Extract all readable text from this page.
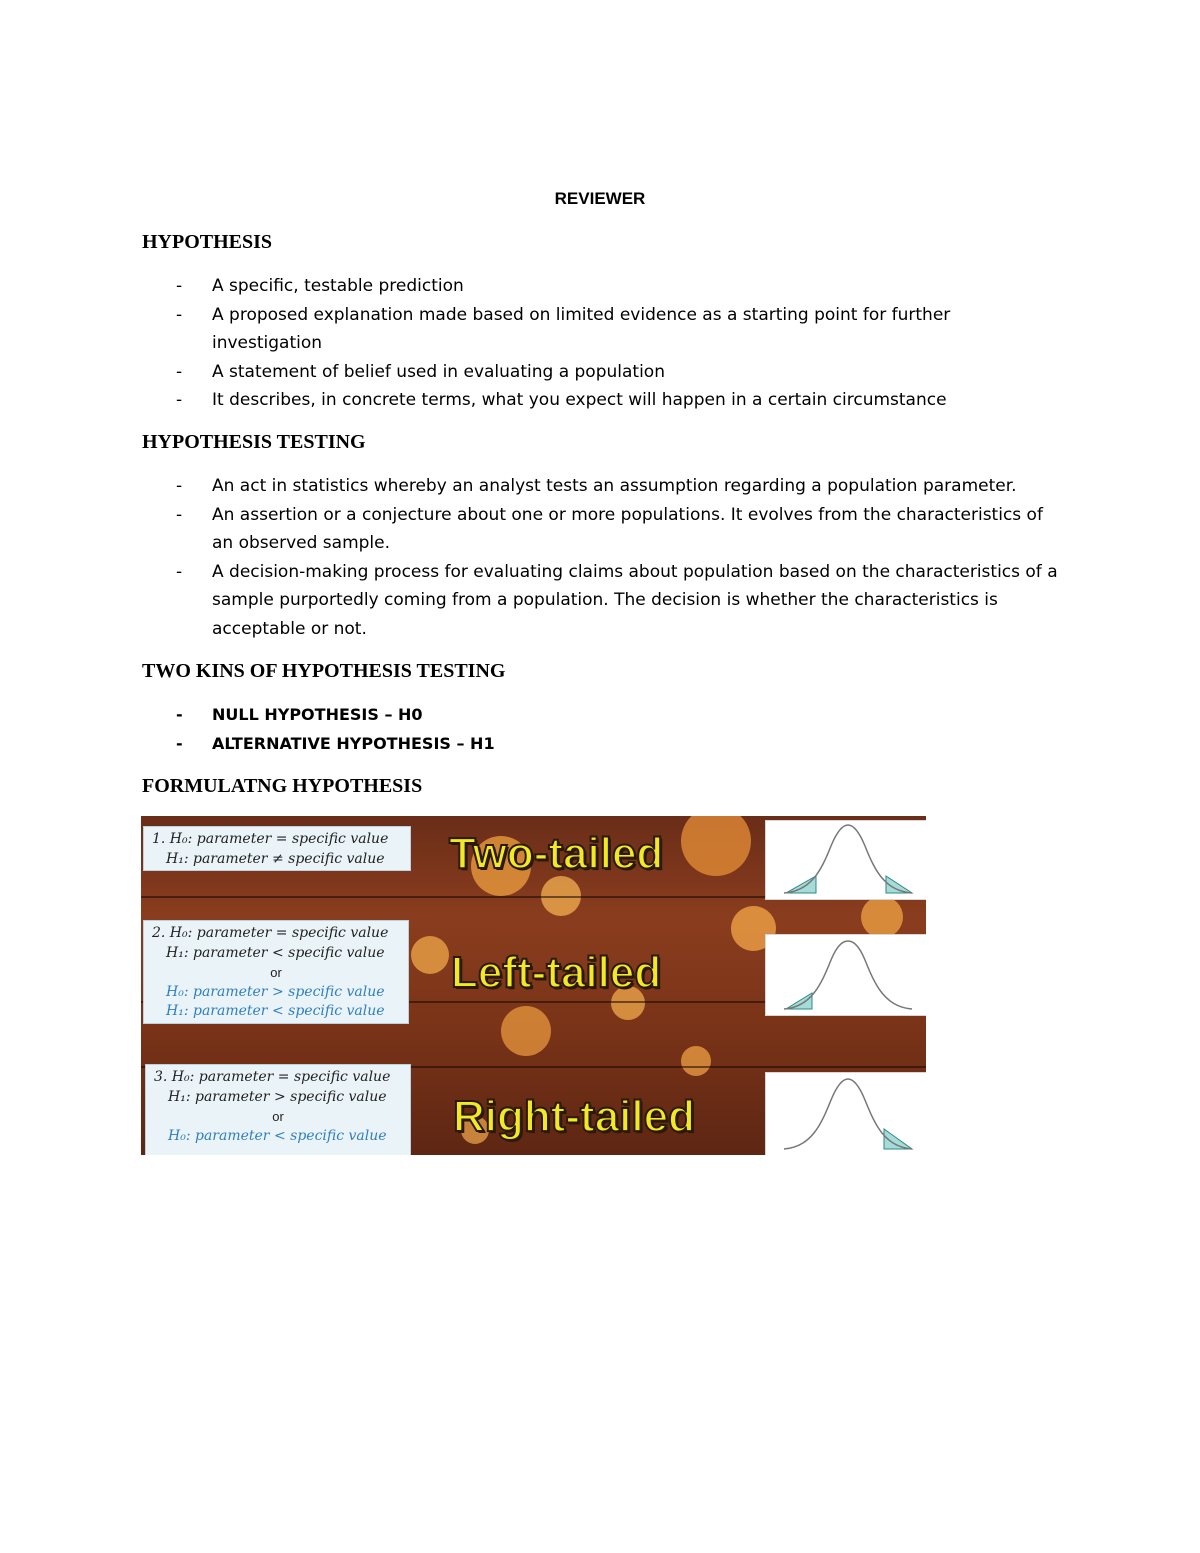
REVIEWER
HYPOTHESIS
- A specific, testable prediction
- A proposed explanation made based on limited evidence as a starting point for further investigation
- A statement of belief used in evaluating a population
- It describes, in concrete terms, what you expect will happen in a certain circumstance
HYPOTHESIS TESTING
- An act in statistics whereby an analyst tests an assumption regarding a population parameter.
- An assertion or a conjecture about one or more populations. It evolves from the characteristics of an observed sample.
- A decision-making process for evaluating claims about population based on the characteristics of a sample purportedly coming from a population. The decision is whether the characteristics is acceptable or not.
TWO KINS OF HYPOTHESIS TESTING
- NULL HYPOTHESIS – H0
- ALTERNATIVE HYPOTHESIS – H1
FORMULATNG HYPOTHESIS
1. H₀: parameter = specific value
H₁: parameter ≠ specific value
2. H₀: parameter = specific value
H₁: parameter < specific value
or
H₀: parameter > specific value
H₁: parameter < specific value
3. H₀: parameter = specific value
H₁: parameter > specific value
or
H₀: parameter < specific value
Two-tailed
Left-tailed
Right-tailed
